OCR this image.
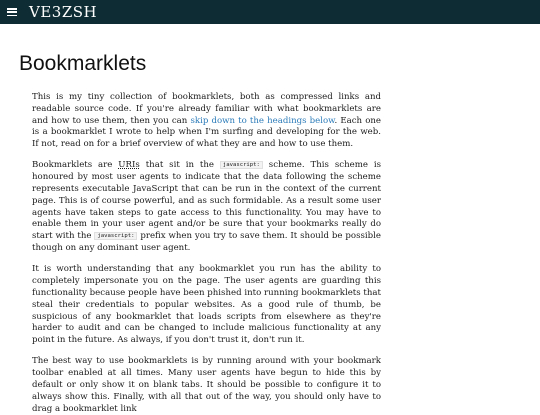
VE3ZSH
Bookmarklets

This is my tiny collection of bookmarklets, both as compressed links and readable source code. If you're already familiar with what bookmarklets are and how to use them, then you can skip down to the headings below. Each one is a bookmarklet I wrote to help when I'm surfing and developing for the web. If not, read on for a brief overview of what they are and how to use them.

Bookmarklets are URIs that sit in the javascript: scheme. This scheme is honoured by most user agents to indicate that the data following the scheme represents executable JavaScript that can be run in the context of the current page. This is of course powerful, and as such formidable. As a result some user agents have taken steps to gate access to this functionality. You may have to enable them in your user agent and/or be sure that your bookmarks really do start with the javascript: prefix when you try to save them. It should be possible though on any dominant user agent.

It is worth understanding that any bookmarklet you run has the ability to completely impersonate you on the page. The user agents are guarding this functionality because people have been phished into running bookmarklets that steal their credentials to popular websites. As a good rule of thumb, be suspicious of any bookmarklet that loads scripts from elsewhere as they're harder to audit and can be changed to include malicious functionality at any point in the future. As always, if you don't trust it, don't run it.

The best way to use bookmarklets is by running around with your bookmark toolbar enabled at all times. Many user agents have begun to hide this by default or only show it on blank tabs. It should be possible to configure it to always show this. Finally, with all that out of the way, you should only have to drag a bookmarklet link
